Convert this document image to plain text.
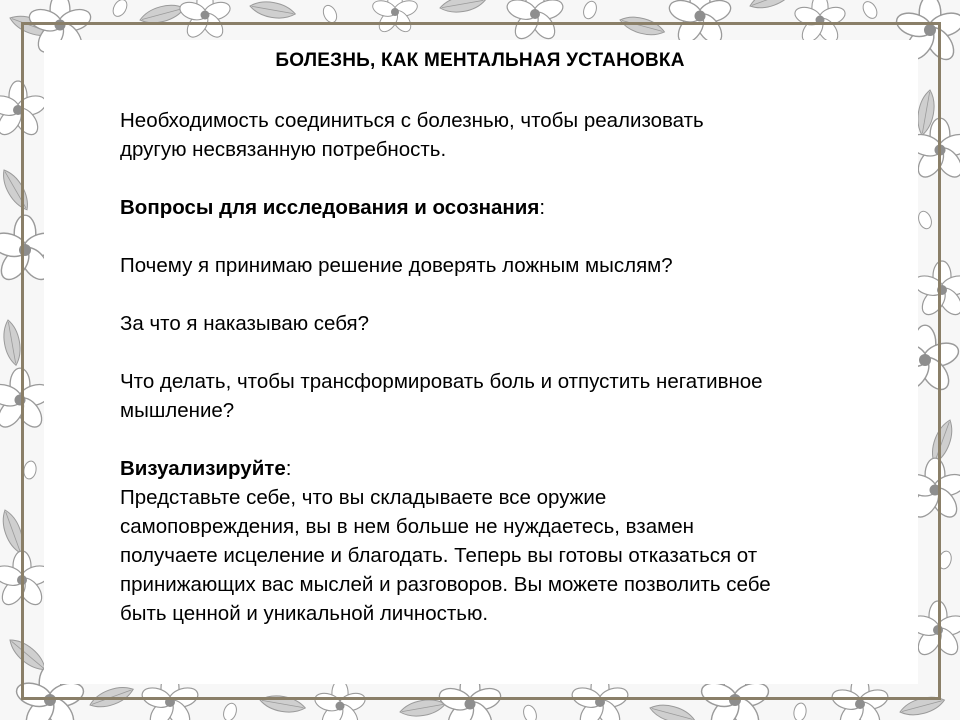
БОЛЕЗНЬ, КАК МЕНТАЛЬНАЯ УСТАНОВКА

Необходимость соединиться с болезнью, чтобы реализовать
другую несвязанную потребность.

Вопросы для исследования и осознания:

Почему я принимаю решение доверять ложным мыслям?

За что я наказываю себя?

Что делать, чтобы трансформировать боль и отпустить негативное
мышление?

Визуализируйте:

Представьте себе, что вы складываете все оружие
самоповреждения, вы в нем больше не нуждаетесь, взамен
получаете исцеление и благодать. Теперь вы готовы отказаться от
принижающих вас мыслей и разговоров. Вы можете позволить себе
быть ценной и уникальной личностью.
